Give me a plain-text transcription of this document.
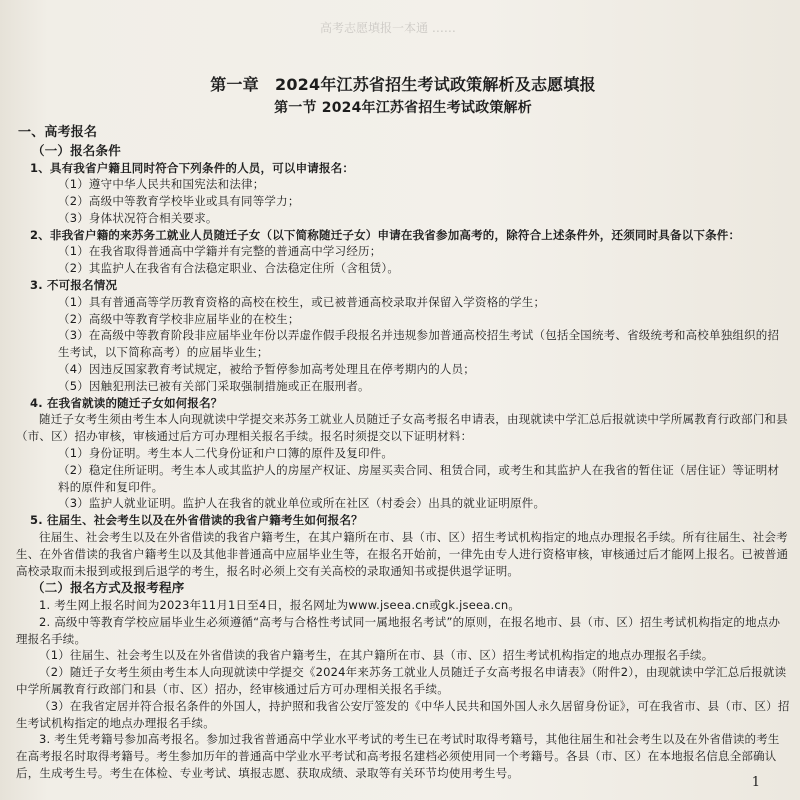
高考志愿填报一本通 ……
第一章　2024年江苏省招生考试政策解析及志愿填报
第一节 2024年江苏省招生考试政策解析
一、高考报名
（一）报名条件
1、具有我省户籍且同时符合下列条件的人员，可以申请报名：
（1）遵守中华人民共和国宪法和法律；
（2）高级中等教育学校毕业或具有同等学力；
（3）身体状况符合相关要求。
2、非我省户籍的来苏务工就业人员随迁子女（以下简称随迁子女）申请在我省参加高考的，除符合上述条件外，还须同时具备以下条件：
（1）在我省取得普通高中学籍并有完整的普通高中学习经历；
（2）其监护人在我省有合法稳定职业、合法稳定住所（含租赁）。
3. 不可报名情况
（1）具有普通高等学历教育资格的高校在校生，或已被普通高校录取并保留入学资格的学生；
（2）高级中等教育学校非应届毕业的在校生；
（3）在高级中等教育阶段非应届毕业年份以弄虚作假手段报名并违规参加普通高校招生考试（包括全国统考、省级统考和高校单独组织的招生考试，以下简称高考）的应届毕业生；
（4）因违反国家教育考试规定，被给予暂停参加高考处理且在停考期内的人员；
（5）因触犯刑法已被有关部门采取强制措施或正在服刑者。
4. 在我省就读的随迁子女如何报名？
随迁子女考生须由考生本人向现就读中学提交来苏务工就业人员随迁子女高考报名申请表，由现就读中学汇总后报就读中学所属教育行政部门和县（市、区）招办审核，审核通过后方可办理相关报名手续。报名时须提交以下证明材料：
（1）身份证明。考生本人二代身份证和户口簿的原件及复印件。
（2）稳定住所证明。考生本人或其监护人的房屋产权证、房屋买卖合同、租赁合同，或考生和其监护人在我省的暂住证（居住证）等证明材料的原件和复印件。
（3）监护人就业证明。监护人在我省的就业单位或所在社区（村委会）出具的就业证明原件。
5. 往届生、社会考生以及在外省借读的我省户籍考生如何报名？
往届生、社会考生以及在外省借读的我省户籍考生，在其户籍所在市、县（市、区）招生考试机构指定的地点办理报名手续。所有往届生、社会考生、在外省借读的我省户籍考生以及其他非普通高中应届毕业生等，在报名开始前，一律先由专人进行资格审核，审核通过后才能网上报名。已被普通高校录取而未报到或报到后退学的考生，报名时必须上交有关高校的录取通知书或提供退学证明。
（二）报名方式及报考程序
1. 考生网上报名时间为2023年11月1日至4日，报名网址为www.jseea.cn或gk.jseea.cn。
2. 高级中等教育学校应届毕业生必须遵循“高考与合格性考试同一属地报名考试”的原则，在报名地市、县（市、区）招生考试机构指定的地点办理报名手续。
（1）往届生、社会考生以及在外省借读的我省户籍考生，在其户籍所在市、县（市、区）招生考试机构指定的地点办理报名手续。
（2）随迁子女考生须由考生本人向现就读中学提交《2024年来苏务工就业人员随迁子女高考报名申请表》（附件2），由现就读中学汇总后报就读中学所属教育行政部门和县（市、区）招办，经审核通过后方可办理相关报名手续。
（3）在我省定居并符合报名条件的外国人，持护照和我省公安厅签发的《中华人民共和国外国人永久居留身份证》，可在我省市、县（市、区）招生考试机构指定的地点办理报名手续。
3. 考生凭考籍号参加高考报名。参加过我省普通高中学业水平考试的考生已在考试时取得考籍号，其他往届生和社会考生以及在外省借读的考生在高考报名时取得考籍号。考生参加历年的普通高中学业水平考试和高考报名建档必须使用同一个考籍号。各县（市、区）在本地报名信息全部确认后，生成考生号。考生在体检、专业考试、填报志愿、获取成绩、录取等有关环节均使用考生号。
1
